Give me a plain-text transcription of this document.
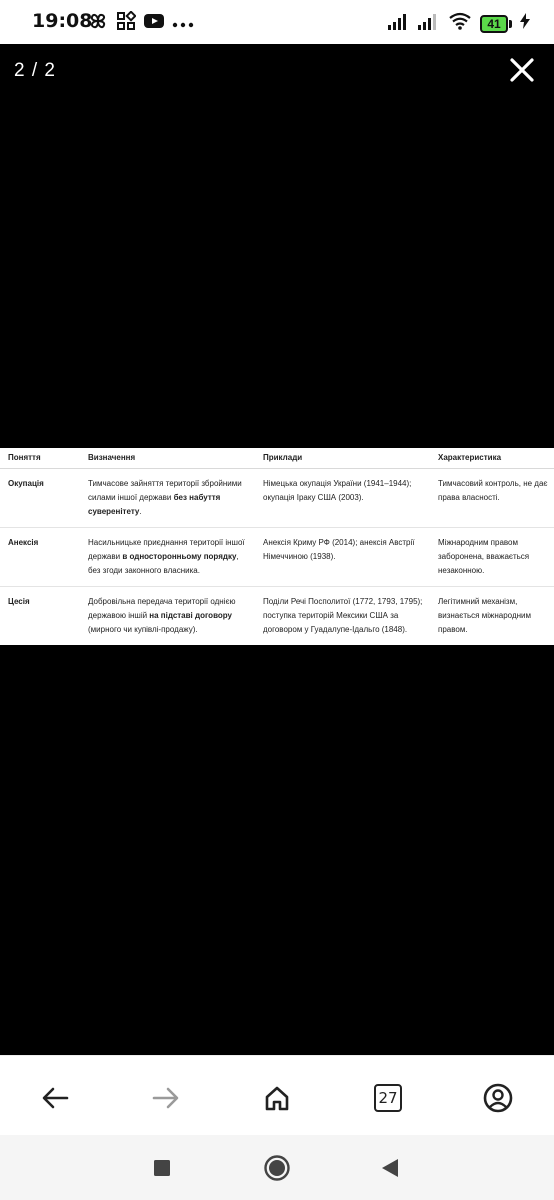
19:08	41
2 / 2
Поняття	Визначення	Приклади	Характеристика
Окупація	Тимчасове зайняття території збройними силами іншої держави без набуття суверенітету.	Німецька окупація України (1941–1944); окупація Іраку США (2003).	Тимчасовий контроль, не дає права власності.
Анексія	Насильницьке приєднання території іншої держави в односторонньому порядку, без згоди законного власника.	Анексія Криму РФ (2014); анексія Австрії Німеччиною (1938).	Міжнародним правом заборонена, вважається незаконною.
Цесія	Добровільна передача території однією державою іншій на підставі договору (мирного чи купівлі-продажу).	Поділи Речі Посполитої (1772, 1793, 1795); поступка територій Мексики США за договором у Гуадалупе-Ідальго (1848).	Легітимний механізм, визнається міжнародним правом.
27
